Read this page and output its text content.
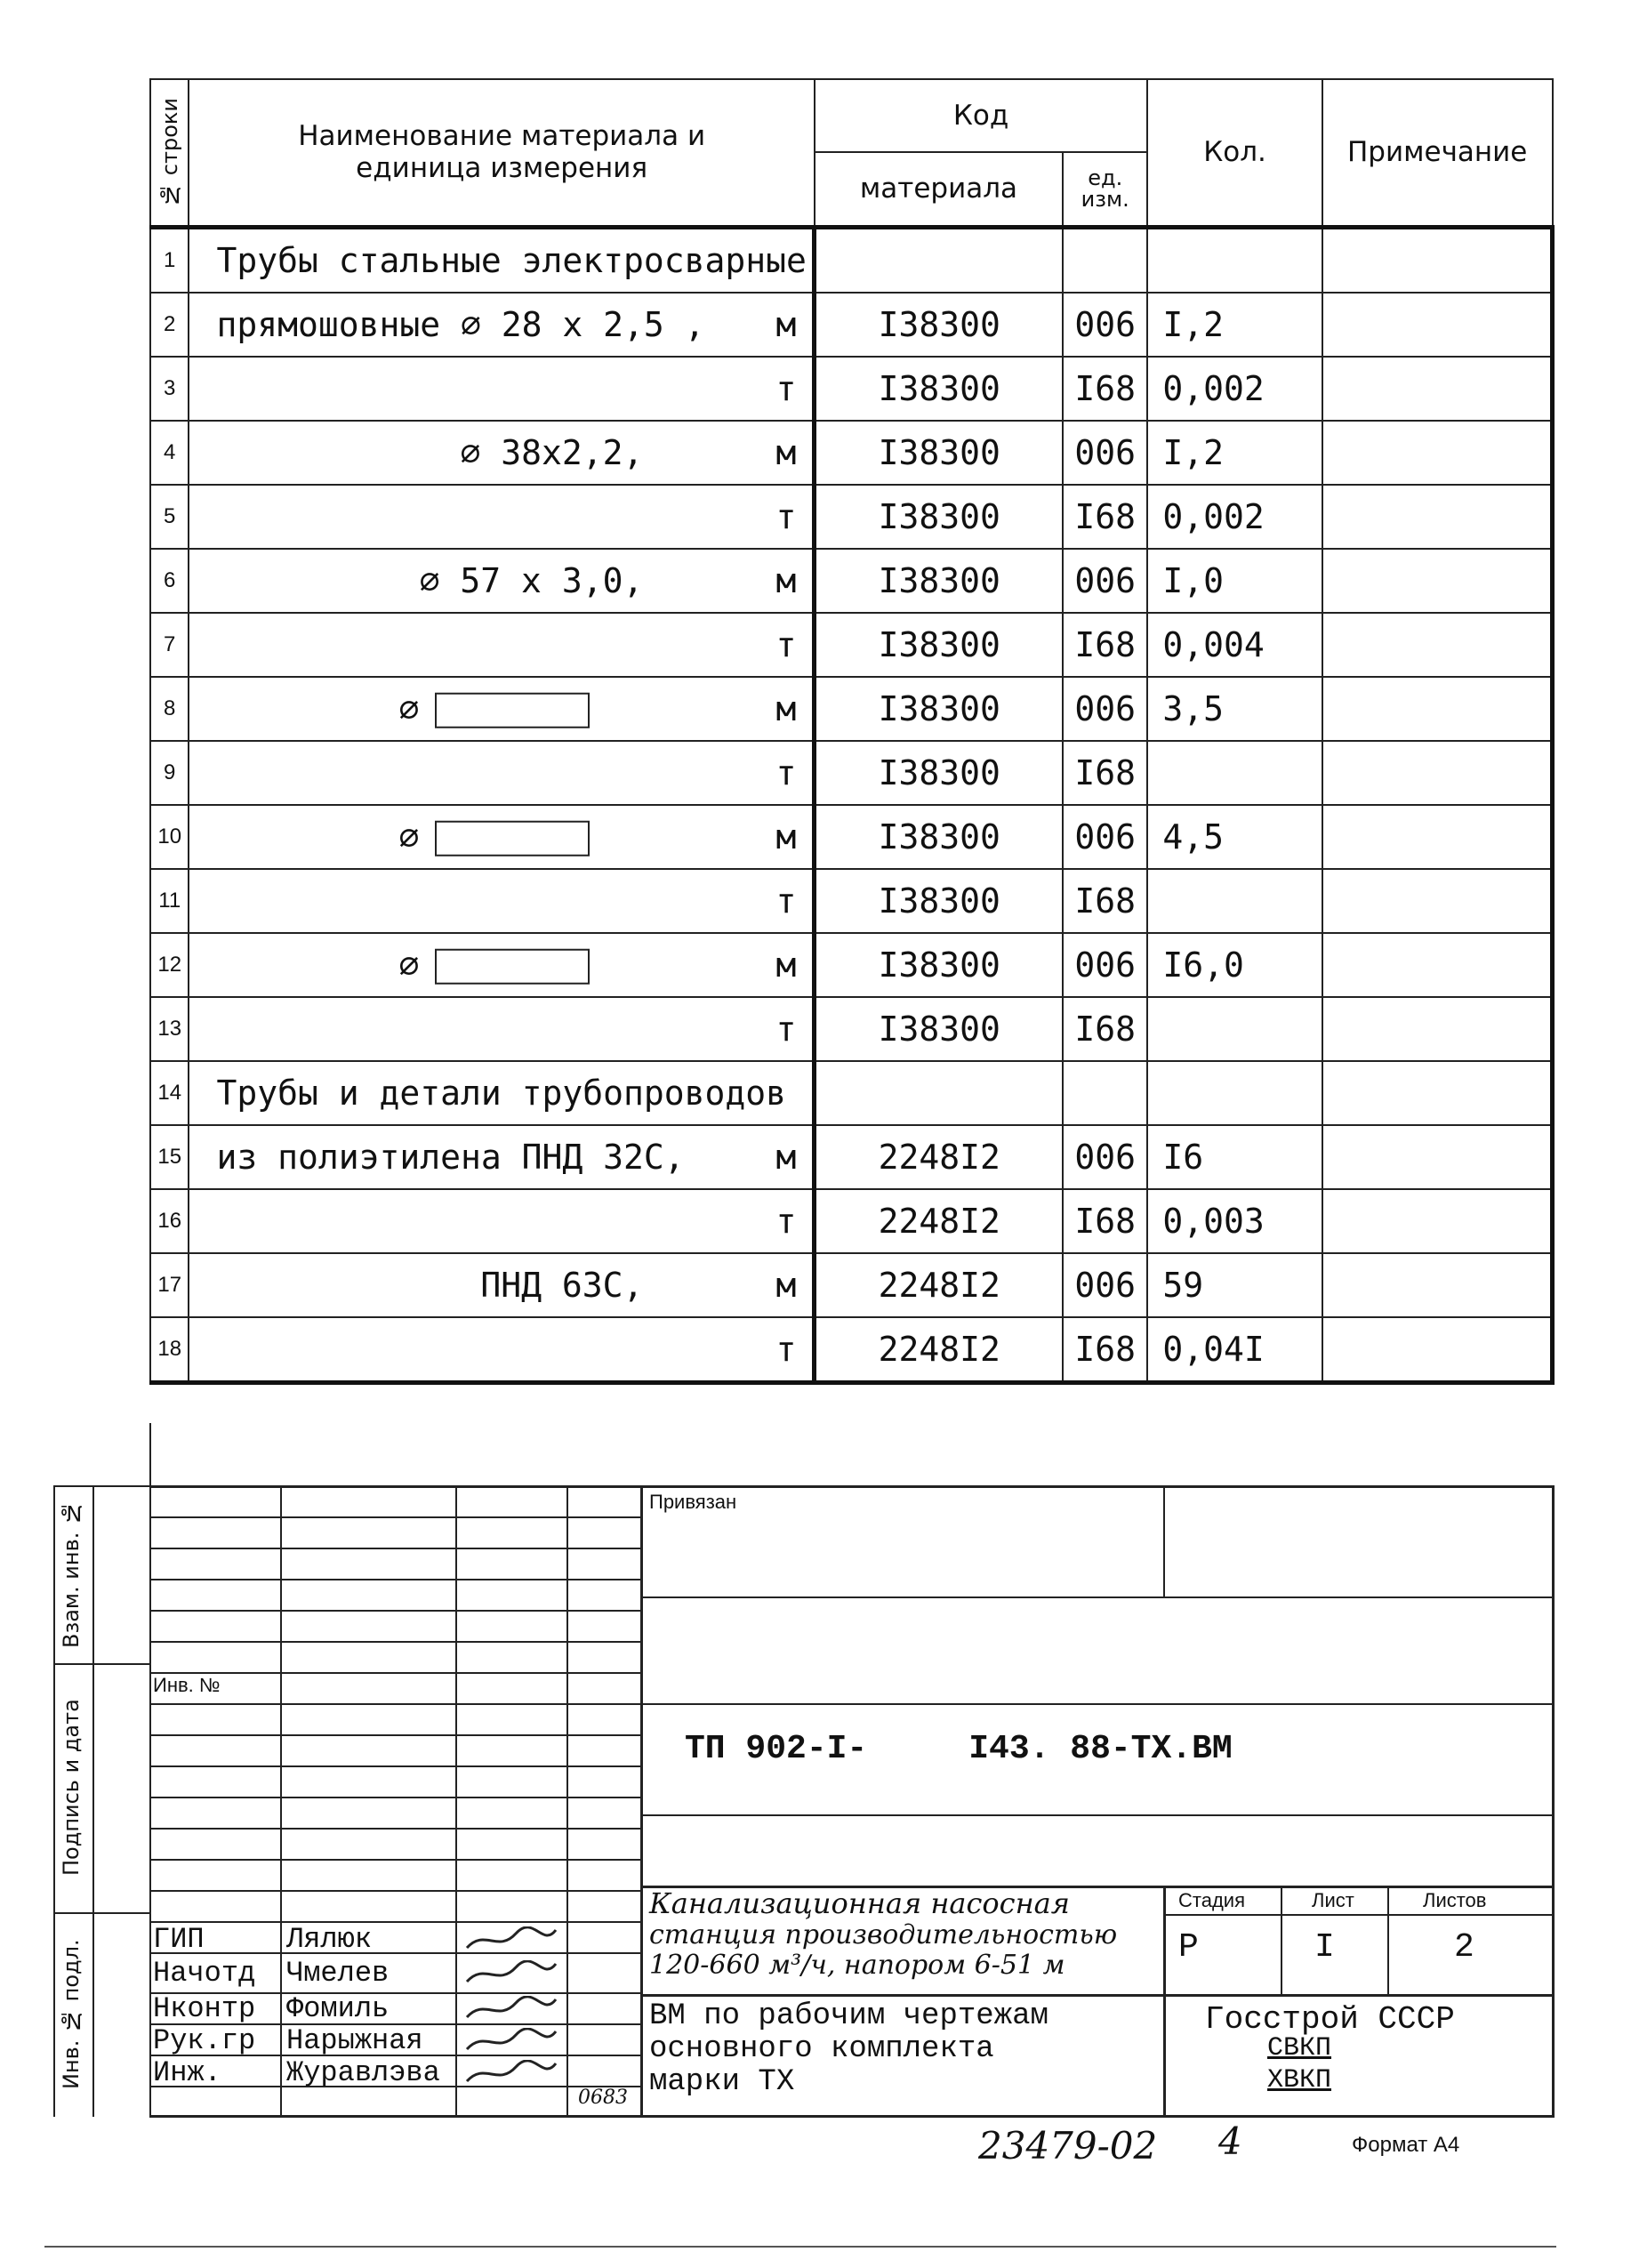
№ строки	Наименование материала и единица измерения	Код		Кол.	Примечание
		материала	ед. изм.		
1	Трубы стальные электросварные				

2	прямошовные ⌀ 28 x 2,5 , м	I38300	006	I,2	
3	т	I38300	I68	0,002	
4	⌀ 38x2,2, м	I38300	006	I,2	
5	т	I38300	I68	0,002	
6	⌀ 57 x 3,0, м	I38300	006	I,0	
7	т	I38300	I68	0,004	
8	⌀ м	I38300	006	3,5	
9	т	I38300	I68		
10	⌀ м	I38300	006	4,5	
11	т	I38300	I68		
12	⌀ м	I38300	006	I6,0	
13	т	I38300	I68		
14	Трубы и детали трубопроводов				

15	из полиэтилена ПНД 32С, м	2248I2	006	I6	
16	т	2248I2	I68	0,003	
17	ПНД 63С, м	2248I2	006	59	
18	т	2248I2	I68	0,04I	
Взам. инв. №
Подпись и дата
Инв. № подл.
Инв. №
Привязан
ТП 902-I-     I43. 88-ТХ.ВМ
Канализационная насосная
станция производительностью
120-660 м³/ч, напором 6-51 м
ВМ по рабочим чертежам
основного комплекта
марки ТХ
Стадия	Лист	Листов
Р	I	2
Госстрой СССР
СВКП
ХВКП
ГИП	Лялюк
Начотд Чмелев
Нконтр Фомиль
Рук.гр Нарыжная
Инж. Журавлэва
0683
23479-02 4	Формат А4
